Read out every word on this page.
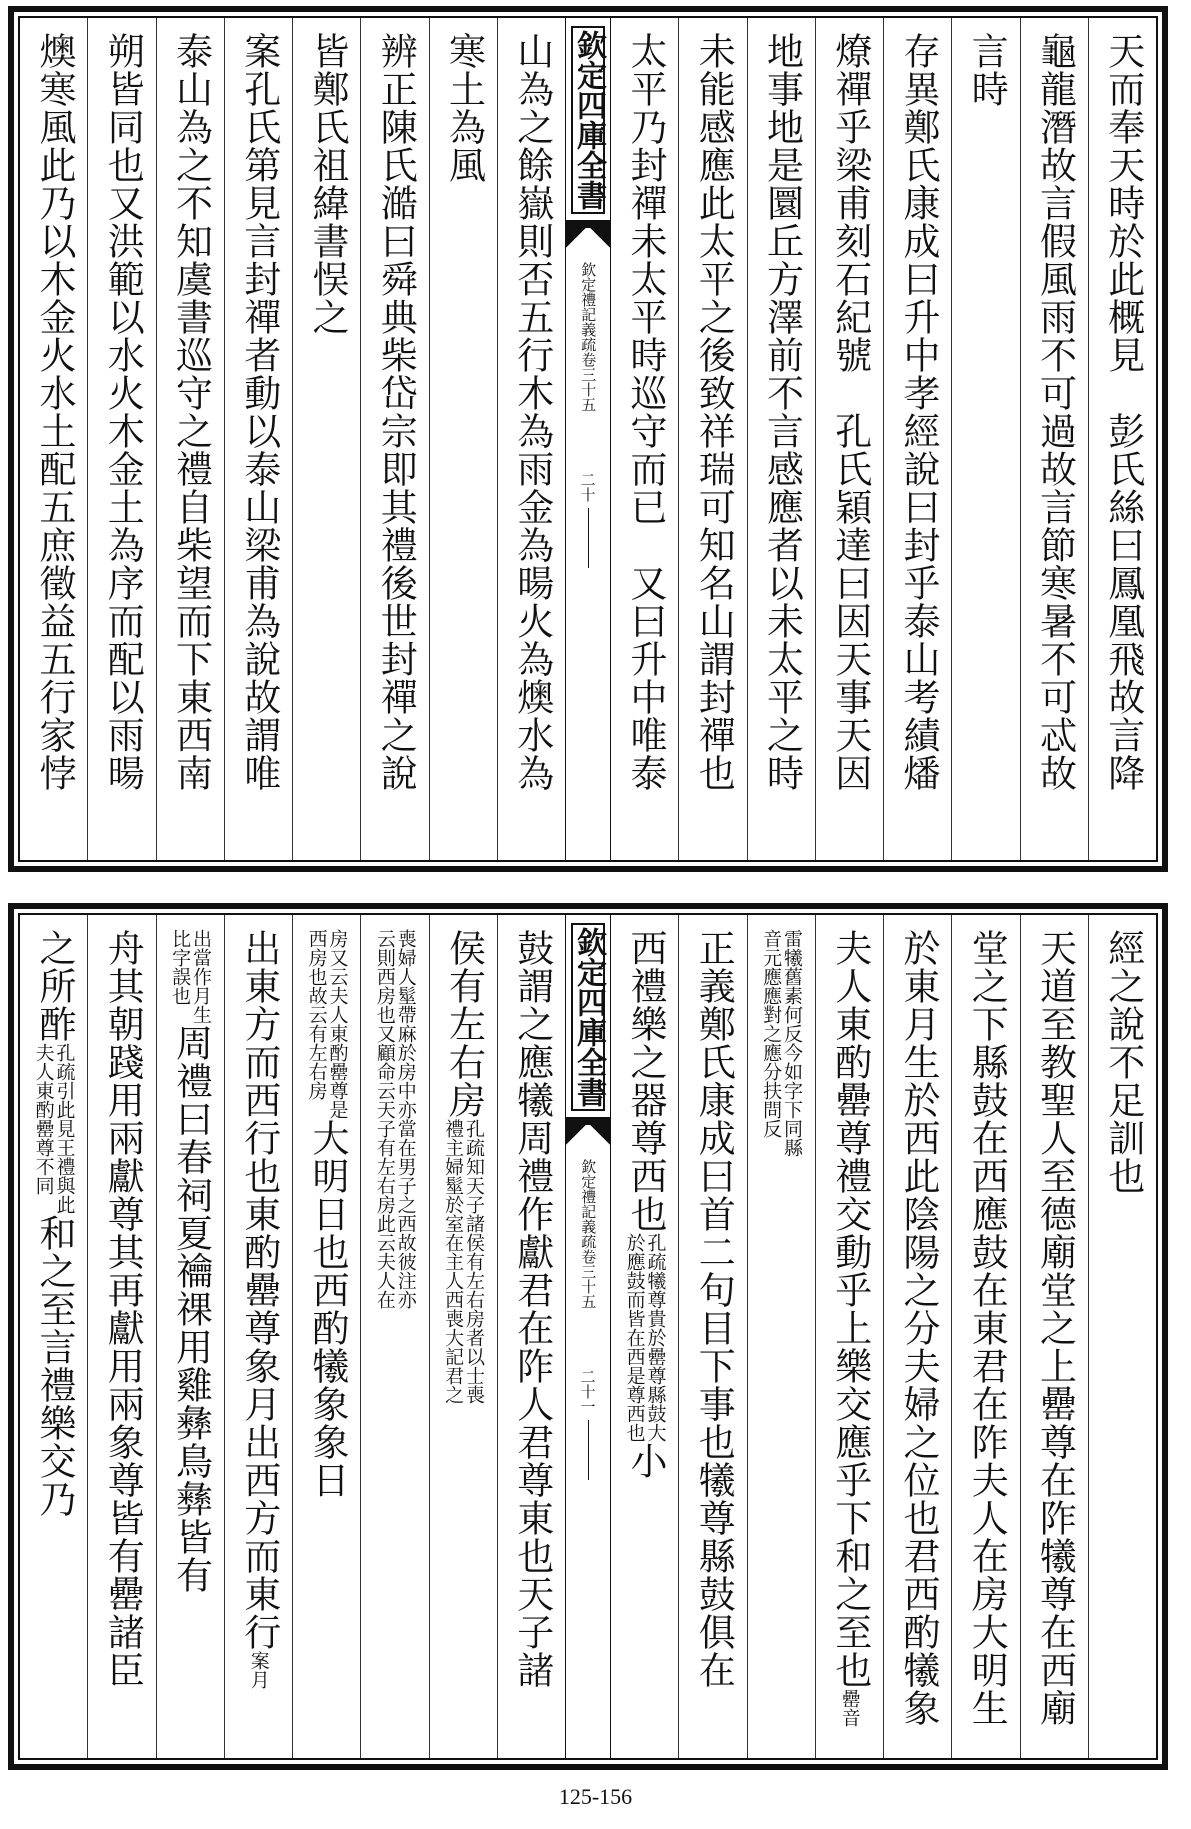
天而奉天時於此概見　彭氏絲曰鳳凰飛故言降
龜龍潛故言假風雨不可過故言節寒暑不可忒故
言時
存異鄭氏康成曰升中孝經說曰封乎泰山考績燔
燎禪乎梁甫刻石紀號　孔氏穎達曰因天事天因
地事地是圜丘方澤前不言感應者以未太平之時
未能感應此太平之後致祥瑞可知名山謂封禪也
太平乃封禪未太平時巡守而已　又曰升中唯泰
欽定四庫全書
欽定禮記義疏卷三十五
二十
山為之餘嶽則否五行木為雨金為暘火為燠水為
寒土為風
辨正陳氏澔曰舜典柴岱宗即其禮後世封禪之說
皆鄭氏祖緯書悮之
案孔氏第見言封禪者動以泰山梁甫為說故謂唯
泰山為之不知虞書巡守之禮自柴望而下東西南
朔皆同也又洪範以水火木金土為序而配以雨暘
燠寒風此乃以木金火水土配五庶徵益五行家悖
經之說不足訓也
天道至教聖人至德廟堂之上罍尊在阼犧尊在西廟
堂之下縣鼓在西應鼓在東君在阼夫人在房大明生
於東月生於西此陰陽之分夫婦之位也君西酌犧象
夫人東酌罍尊禮交動乎上樂交應乎下和之至也罍音
雷犧舊素何反今如字下同縣
音元應應對之應分扶問反
正義鄭氏康成曰首二句目下事也犧尊縣鼓俱在
西禮樂之器尊西也
孔疏犧尊貴於罍尊縣鼓大
於應鼓而皆在西是尊西也
小
欽定四庫全書
欽定禮記義疏卷三十五
二十一
鼓謂之應犧周禮作獻君在阼人君尊東也天子諸
侯有左右房
孔疏知天子諸侯有左右房者以士喪
禮主婦髽於室在主人西喪大記君之
喪婦人髽帶麻於房中亦當在男子之西故彼注亦
云則西房也又顧命云天子有左右房此云夫人在
房又云夫人東酌罍尊是
西房也故云有左右房
大明日也西酌犧象象日
出東方而西行也東酌罍尊象月出西方而東行案月
出當作月生
比字誤也
周禮曰春祠夏禴祼用雞彝鳥彝皆有
舟其朝踐用兩獻尊其再獻用兩象尊皆有罍諸臣
之所酢
孔疏引此見王禮與此
夫人東酌罍尊不同
和之至言禮樂交乃
125-156
